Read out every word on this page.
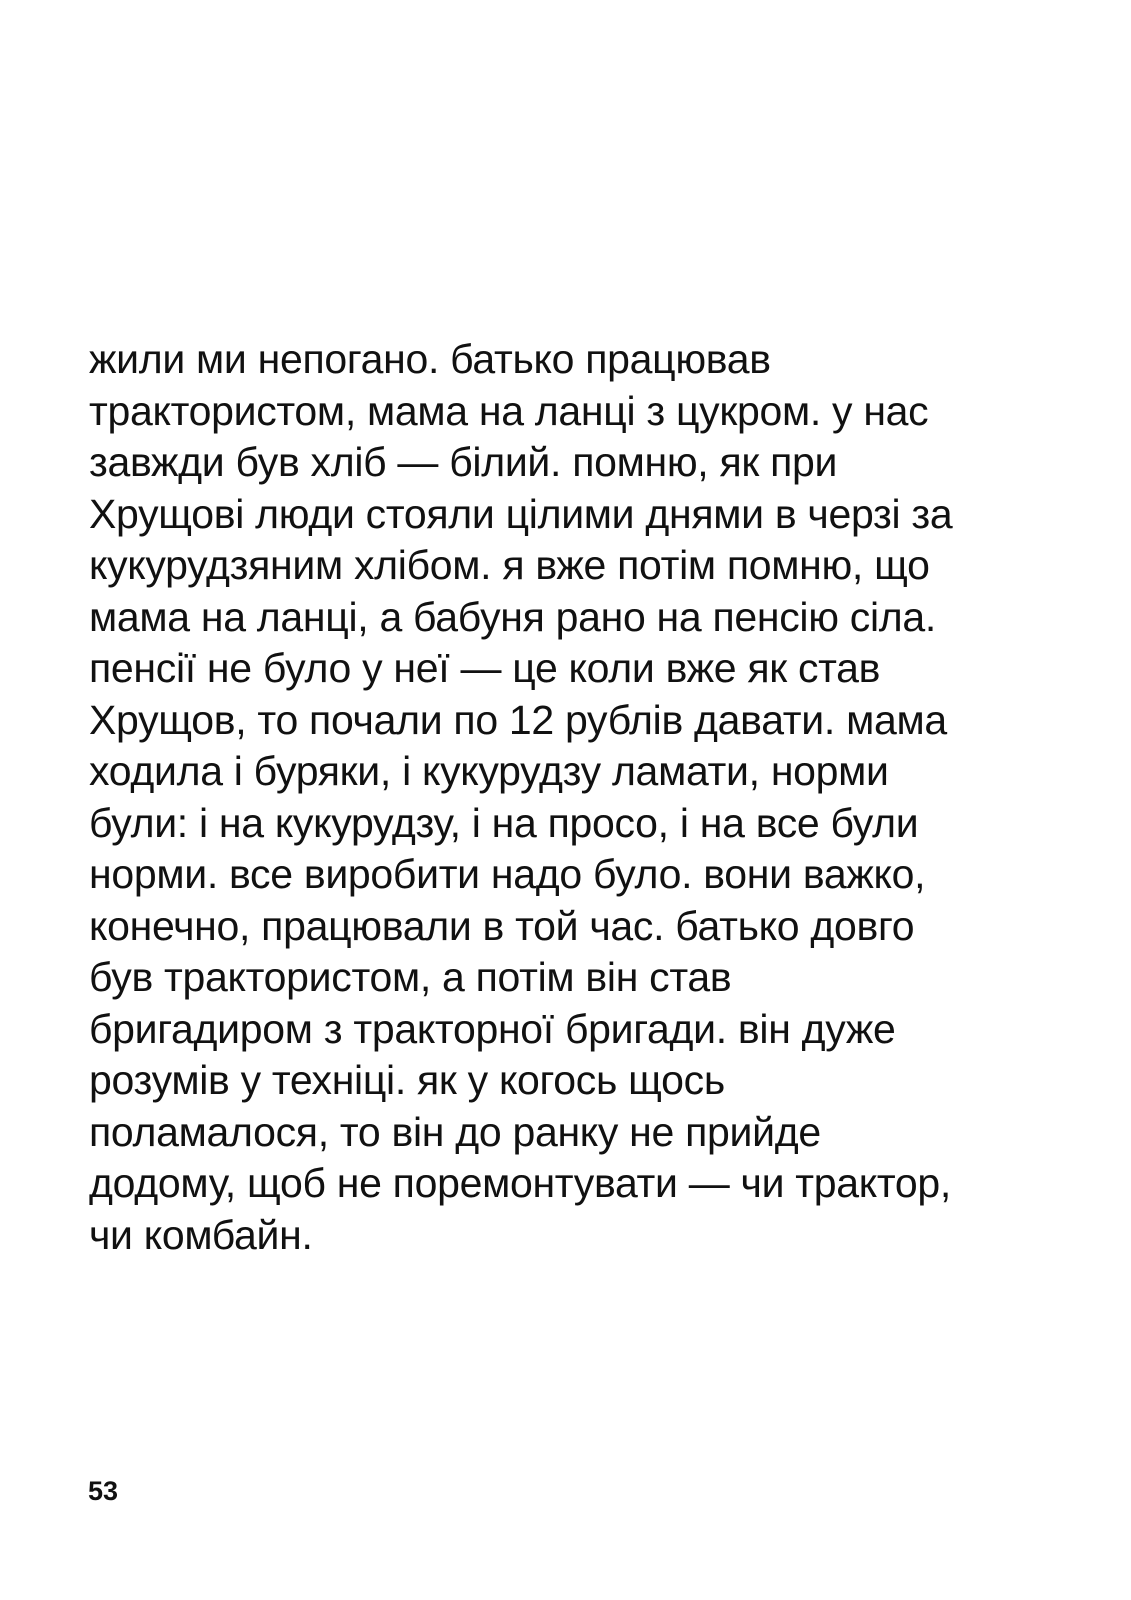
жили ми непогано. батько працював
трактористом, мама на ланці з цукром. у нас
завжди був хліб — білий. помню, як при
Хрущові люди стояли цілими днями в черзі за
кукурудзяним хлібом. я вже потім помню, що
мама на ланці, а бабуня рано на пенсію сіла.
пенсії не було у неї — це коли вже як став
Хрущов, то почали по 12 рублів давати. мама
ходила і буряки, і кукурудзу ламати, норми
були: і на кукурудзу, і на просо, і на все були
норми. все виробити надо було. вони важко,
конечно, працювали в той час. батько довго
був трактористом, а потім він став
бригадиром з тракторної бригади. він дуже
розумів у техніці. як у когось щось
поламалося, то він до ранку не прийде
додому, щоб не поремонтувати — чи трактор,
чи комбайн.
53
